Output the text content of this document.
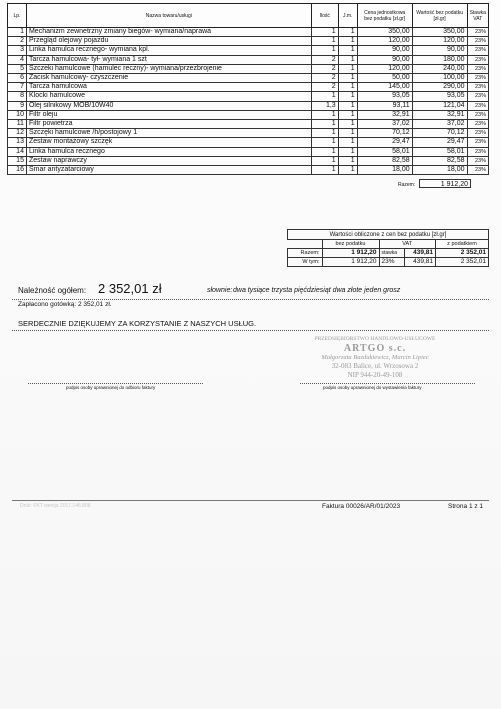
Lp.	Nazwa towaru/usługi	Ilość	J.m.	Cena jednostkowa bez podatku [zł.gr]	Wartość bez podatku [zł.gr]	Stawka VAT
1	Mechanizm zewnetrzny zmiany biegów- wymiana/naprawa	1	1	350,00	350,00	23%
2	Przegląd olejowy pojazdu	1	1	120,00	120,00	23%
3	Linka hamulca recznego- wymiana kpl.	1	1	90,00	90,00	23%
4	Tarcza hamulcowa- tył- wymiana 1 szt	2	1	90,00	180,00	23%
5	Szczeki hamulcowe (hamulec reczny)- wymiana/przezbrojenie	2	1	120,00	240,00	23%
6	Zacisk hamulcowy- czyszczenie	2	1	50,00	100,00	23%
7	Tarcza hamulcowa	2	1	145,00	290,00	23%
8	Klocki hamulcowe	1	1	93,05	93,05	23%
9	Olej silnikowy MOB/10W40	1,3	1	93,11	121,04	23%
10	Filtr oleju	1	1	32,91	32,91	23%
11	Filtr powietrza	1	1	37,02	37,02	23%
12	Szczęki hamulcowe /h/postojowy 1	1	1	70,12	70,12	23%
13	Zestaw montażowy szczęk	1	1	29,47	29,47	23%
14	Linka hamulca recznego	1	1	58,01	58,01	23%
15	Zestaw naprawczy	1	1	82,58	82,58	23%
16	Smar antyzatarciowy	1	1	18,00	18,00	23%
Razem:	1 912,20
Wartości obliczone z cen bez podatku [zł.gr]				
	bez podatku	VAT		z podatkiem
Razem:	1 912,20	stawka	439,81	2 352,01
W tym:	1 912,20	23%	439,81	2 352,01
Należność ogółem: 2 352,01 zł	słownie: dwa tysiące trzysta pięćdziesiąt dwa złote jeden grosz
Zapłacono gotówką: 2 352,01 zł.
SERDECZNIE DZIĘKUJEMY ZA KORZYSTANIE Z NASZYCH USŁUG.
PRZEDSIĘBIORSTWO HANDLOWO-USŁUGOWE
ARTGO s.c.
Małgorzata Bazdukiewicz, Marcin Lipiec
32-083 Balice, ul. Wrzosowa 2
NIP 944-20-49-108
podpis osoby uprawnionej do odbioru faktury	podpis osoby uprawnionej do wystawienia faktury
Druk: FKT wersja 2017.146.808	Faktura 00026/AR/01/2023	Strona 1 z 1
